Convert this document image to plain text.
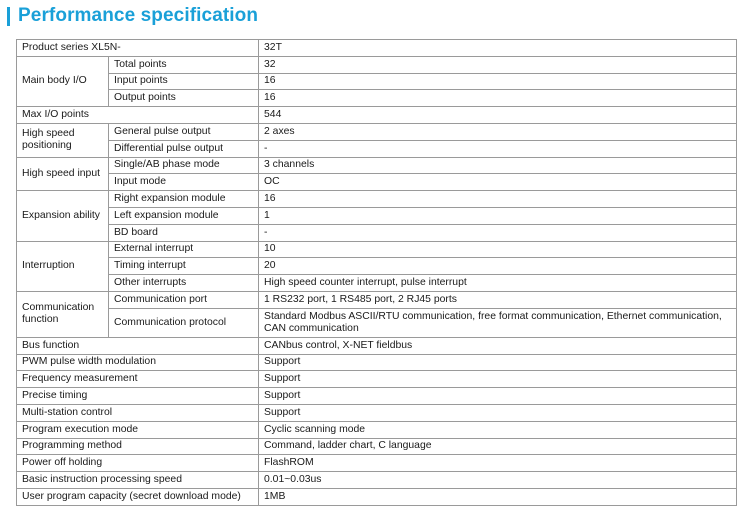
Performance specification
Product series XL5N-		32T
Main body I/O	Total points	32
	Input points	16
	Output points	16
Max I/O points		544
High speed positioning	General pulse output	2 axes
	Differential pulse output	-
High speed input	Single/AB phase mode	3 channels
	Input mode	OC
Expansion ability	Right expansion module	16
	Left expansion module	1
	BD board	-
Interruption	External interrupt	10
	Timing interrupt	20
	Other interrupts	High speed counter interrupt, pulse interrupt
Communication function	Communication port	1 RS232 port, 1 RS485 port, 2 RJ45 ports
	Communication protocol	Standard Modbus ASCII/RTU communication, free format communication, Ethernet communication, CAN communication
Bus function		CANbus control, X-NET fieldbus
PWM pulse width modulation		Support
Frequency measurement		Support
Precise timing		Support
Multi-station control		Support
Program execution mode		Cyclic scanning mode
Programming method		Command, ladder chart, C language
Power off holding		FlashROM
Basic instruction processing speed		0.01~0.03us
User program capacity (secret download mode)		1MB
